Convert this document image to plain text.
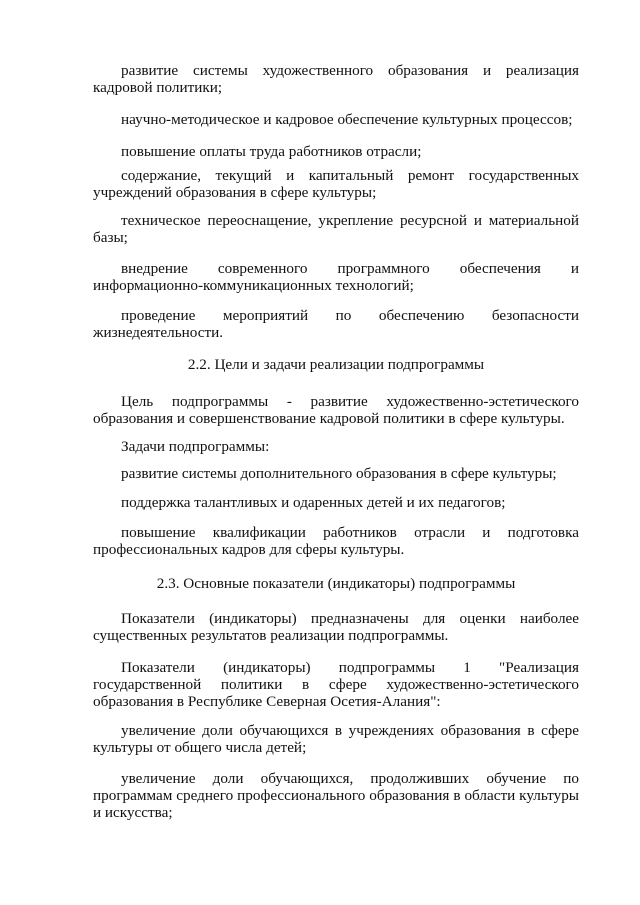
развитие системы художественного образования и реализация кадровой политики;

научно-методическое и кадровое обеспечение культурных процессов;

повышение оплаты труда работников отрасли;

содержание, текущий и капитальный ремонт государственных учреждений образования в сфере культуры;

техническое переоснащение, укрепление ресурсной и материальной базы;

внедрение современного программного обеспечения и информационно-коммуникационных технологий;

проведение мероприятий по обеспечению безопасности жизнедеятельности.

2.2. Цели и задачи реализации подпрограммы

Цель подпрограммы - развитие художественно-эстетического образования и совершенствование кадровой политики в сфере культуры.

Задачи подпрограммы:

развитие системы дополнительного образования в сфере культуры;

поддержка талантливых и одаренных детей и их педагогов;

повышение квалификации работников отрасли и подготовка профессиональных кадров для сферы культуры.

2.3. Основные показатели (индикаторы) подпрограммы

Показатели (индикаторы) предназначены для оценки наиболее существенных результатов реализации подпрограммы.

Показатели (индикаторы) подпрограммы 1 "Реализация государственной политики в сфере художественно-эстетического образования в Республике Северная Осетия-Алания":

увеличение доли обучающихся в учреждениях образования в сфере культуры от общего числа детей;

увеличение доли обучающихся, продолживших обучение по программам среднего профессионального образования в области культуры и искусства;
